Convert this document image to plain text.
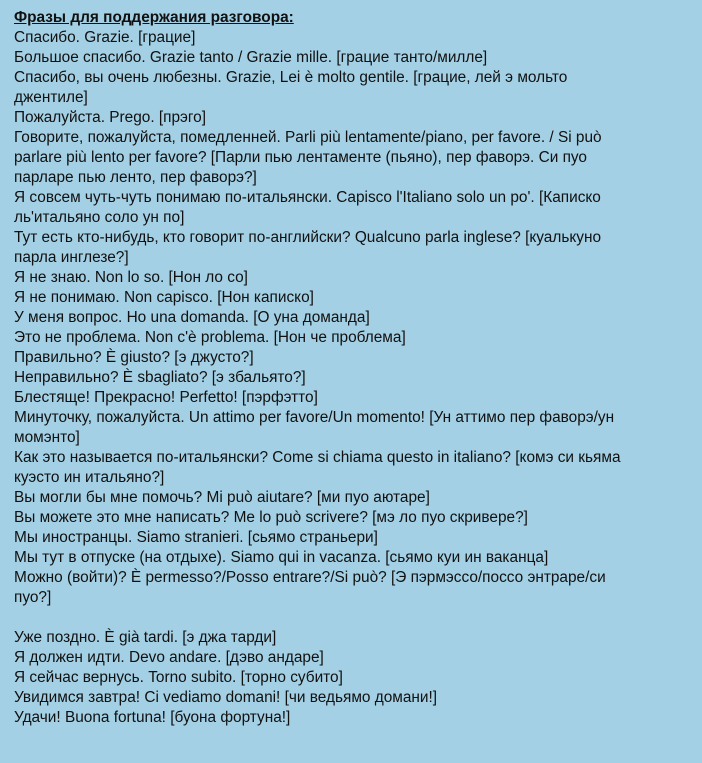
Фразы для поддержания разговора:
Спасибо. Grazie. [грацие]
Большое спасибо. Grazie tanto / Grazie mille. [грацие танто/милле]
Спасибо, вы очень любезны. Grazie, Lei è molto gentile. [грацие, лей э мольто
джентиле]
Пожалуйста. Prego. [прэго]
Говорите, пожалуйста, помедленней. Parli più lentamente/piano, per favore. / Si può
parlare più lento per favore? [Парли пью лентаменте (пьяно), пер фаворэ. Си пуо
парларе пью ленто, пер фаворэ?]
Я совсем чуть-чуть понимаю по-итальянски. Capisco l'Italiano solo un po'. [Каписко
ль'итальяно соло ун по]
Тут есть кто-нибудь, кто говорит по-английски? Qualcuno parla inglese? [куалькуно
парла инглезе?]
Я не знаю. Non lo so. [Нон ло со]
Я не понимаю. Non capisco. [Нон каписко]
У меня вопрос. Ho una domanda. [О уна доманда]
Это не проблема. Non c'è problema. [Нон че проблема]
Правильно? È giusto? [э джусто?]
Неправильно? È sbagliato? [э збальято?]
Блестяще! Прекрасно! Perfetto! [пэрфэтто]
Минуточку, пожалуйста. Un attimo per favore/Un momento! [Ун аттимо пер фаворэ/ун
момэнто]
Как это называется по-итальянски? Come si chiama questo in italiano? [комэ си кьяма
куэсто ин итальяно?]
Вы могли бы мне помочь? Mi può aiutare? [ми пуо аютаре]
Вы можете это мне написать? Me lo può scrivere? [мэ ло пуо скривере?]
Мы иностранцы. Siamo stranieri. [сьямо страньери]
Мы тут в отпуске (на отдыхе). Siamo qui in vacanza. [сьямо куи ин ваканца]
Можно (войти)? È permesso?/Posso entrare?/Si può? [Э пэрмэссо/поссо энтраре/си
пуо?]
Уже поздно. È già tardi. [э джа тарди]
Я должен идти. Devo andare. [дэво андаре]
Я сейчас вернусь. Torno subito. [торно субито]
Увидимся завтра! Ci vediamo domani! [чи ведьямо домани!]
Удачи! Buona fortuna! [буона фортуна!]
